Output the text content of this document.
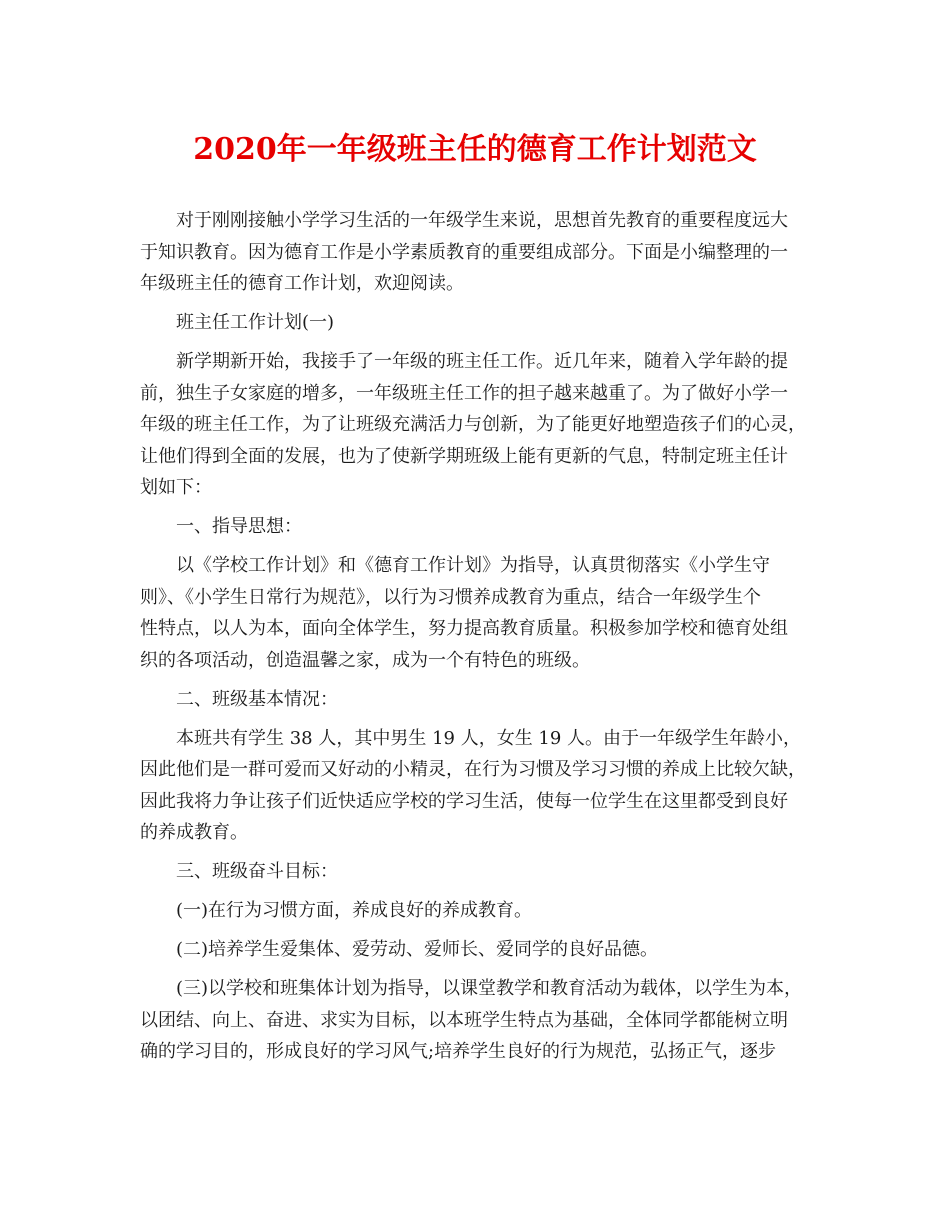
2020年一年级班主任的德育工作计划范文

对于刚刚接触小学学习生活的一年级学生来说，思想首先教育的重要程度远大
于知识教育。因为德育工作是小学素质教育的重要组成部分。下面是小编整理的一
年级班主任的德育工作计划，欢迎阅读。

班主任工作计划(一)

新学期新开始，我接手了一年级的班主任工作。近几年来，随着入学年龄的提
前，独生子女家庭的增多，一年级班主任工作的担子越来越重了。为了做好小学一
年级的班主任工作，为了让班级充满活力与创新，为了能更好地塑造孩子们的心灵，
让他们得到全面的发展，也为了使新学期班级上能有更新的气息，特制定班主任计
划如下：

一、指导思想：

以《学校工作计划》和《德育工作计划》为指导，认真贯彻落实《小学生守
则》、《小学生日常行为规范》，以行为习惯养成教育为重点，结合一年级学生个
性特点，以人为本，面向全体学生，努力提高教育质量。积极参加学校和德育处组
织的各项活动，创造温馨之家，成为一个有特色的班级。

二、班级基本情况：

本班共有学生 38 人，其中男生 19 人，女生 19 人。由于一年级学生年龄小，
因此他们是一群可爱而又好动的小精灵，在行为习惯及学习习惯的养成上比较欠缺，
因此我将力争让孩子们近快适应学校的学习生活，使每一位学生在这里都受到良好
的养成教育。

三、班级奋斗目标：

(一)在行为习惯方面，养成良好的养成教育。

(二)培养学生爱集体、爱劳动、爱师长、爱同学的良好品德。

(三)以学校和班集体计划为指导，以课堂教学和教育活动为载体，以学生为本，
以团结、向上、奋进、求实为目标，以本班学生特点为基础，全体同学都能树立明
确的学习目的，形成良好的学习风气;培养学生良好的行为规范，弘扬正气，逐步
